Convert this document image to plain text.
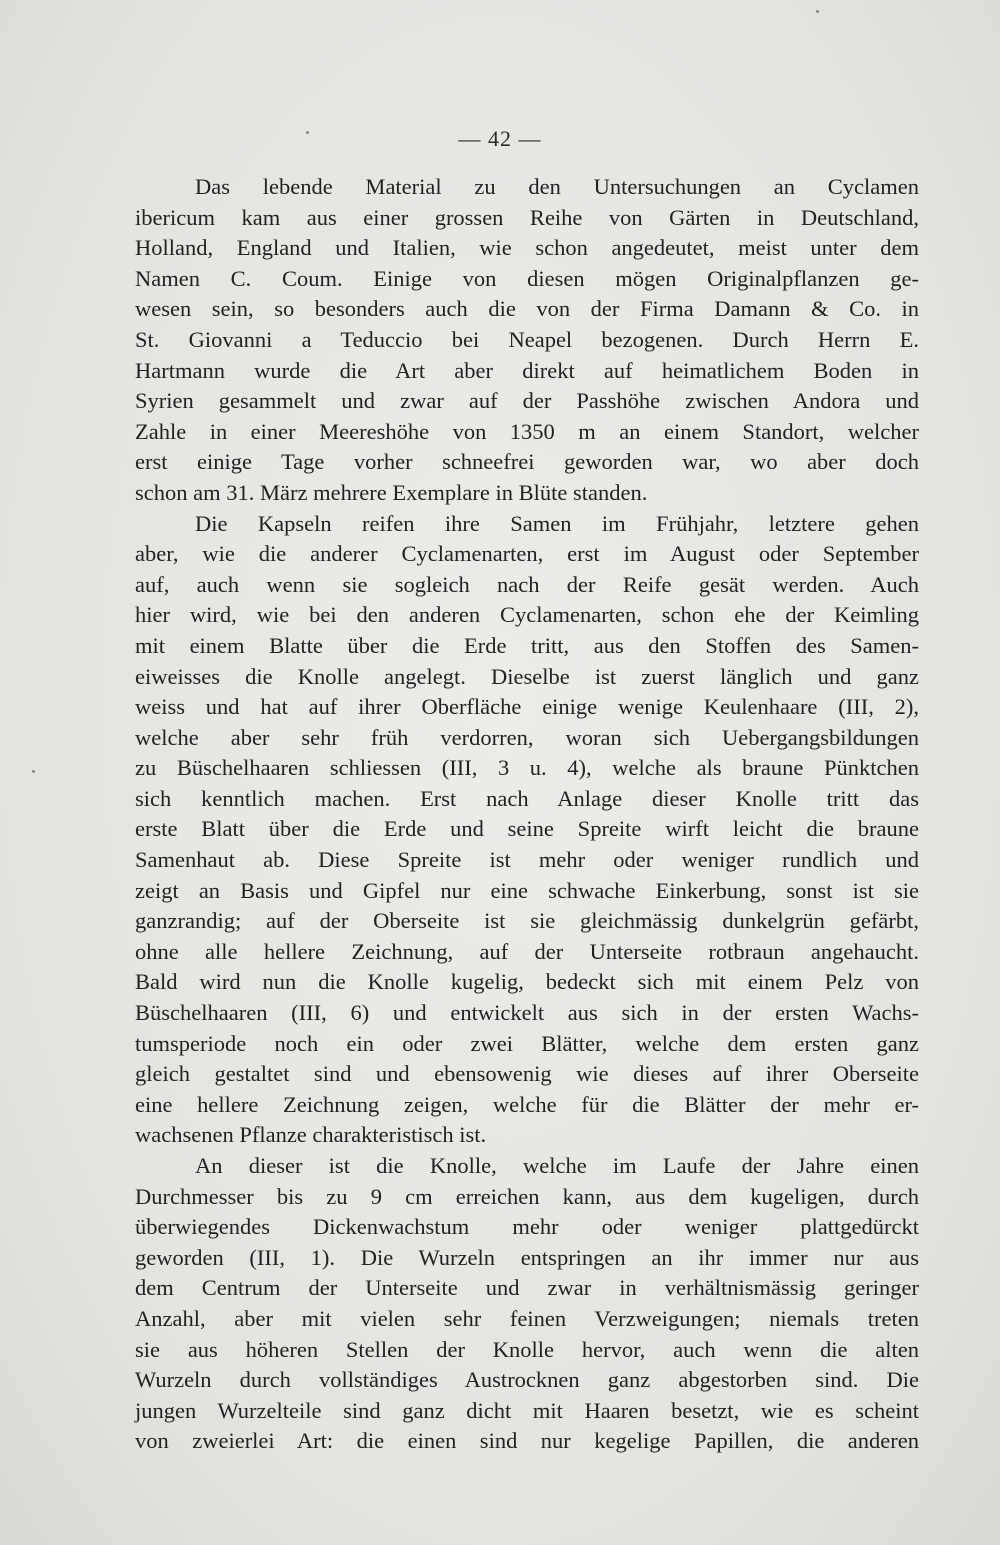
— 42 —
Das lebende Material zu den Untersuchungen an Cyclamen
ibericum kam aus einer grossen Reihe von Gärten in Deutschland,
Holland, England und Italien, wie schon angedeutet, meist unter dem
Namen C. Coum. Einige von diesen mögen Originalpflanzen ge-
wesen sein, so besonders auch die von der Firma Damann & Co. in
St. Giovanni a Teduccio bei Neapel bezogenen. Durch Herrn E.
Hartmann wurde die Art aber direkt auf heimatlichem Boden in
Syrien gesammelt und zwar auf der Passhöhe zwischen Andora und
Zahle in einer Meereshöhe von 1350 m an einem Standort, welcher
erst einige Tage vorher schneefrei geworden war, wo aber doch
schon am 31. März mehrere Exemplare in Blüte standen.
Die Kapseln reifen ihre Samen im Frühjahr, letztere gehen
aber, wie die anderer Cyclamenarten, erst im August oder September
auf, auch wenn sie sogleich nach der Reife gesät werden. Auch
hier wird, wie bei den anderen Cyclamenarten, schon ehe der Keimling
mit einem Blatte über die Erde tritt, aus den Stoffen des Samen-
eiweisses die Knolle angelegt. Dieselbe ist zuerst länglich und ganz
weiss und hat auf ihrer Oberfläche einige wenige Keulenhaare (III, 2),
welche aber sehr früh verdorren, woran sich Uebergangsbildungen
zu Büschelhaaren schliessen (III, 3 u. 4), welche als braune Pünktchen
sich kenntlich machen. Erst nach Anlage dieser Knolle tritt das
erste Blatt über die Erde und seine Spreite wirft leicht die braune
Samenhaut ab. Diese Spreite ist mehr oder weniger rundlich und
zeigt an Basis und Gipfel nur eine schwache Einkerbung, sonst ist sie
ganzrandig; auf der Oberseite ist sie gleichmässig dunkelgrün gefärbt,
ohne alle hellere Zeichnung, auf der Unterseite rotbraun angehaucht.
Bald wird nun die Knolle kugelig, bedeckt sich mit einem Pelz von
Büschelhaaren (III, 6) und entwickelt aus sich in der ersten Wachs-
tumsperiode noch ein oder zwei Blätter, welche dem ersten ganz
gleich gestaltet sind und ebensowenig wie dieses auf ihrer Oberseite
eine hellere Zeichnung zeigen, welche für die Blätter der mehr er-
wachsenen Pflanze charakteristisch ist.
An dieser ist die Knolle, welche im Laufe der Jahre einen
Durchmesser bis zu 9 cm erreichen kann, aus dem kugeligen, durch
überwiegendes Dickenwachstum mehr oder weniger plattgedürckt
geworden (III, 1). Die Wurzeln entspringen an ihr immer nur aus
dem Centrum der Unterseite und zwar in verhältnismässig geringer
Anzahl, aber mit vielen sehr feinen Verzweigungen; niemals treten
sie aus höheren Stellen der Knolle hervor, auch wenn die alten
Wurzeln durch vollständiges Austrocknen ganz abgestorben sind. Die
jungen Wurzelteile sind ganz dicht mit Haaren besetzt, wie es scheint
von zweierlei Art: die einen sind nur kegelige Papillen, die anderen
